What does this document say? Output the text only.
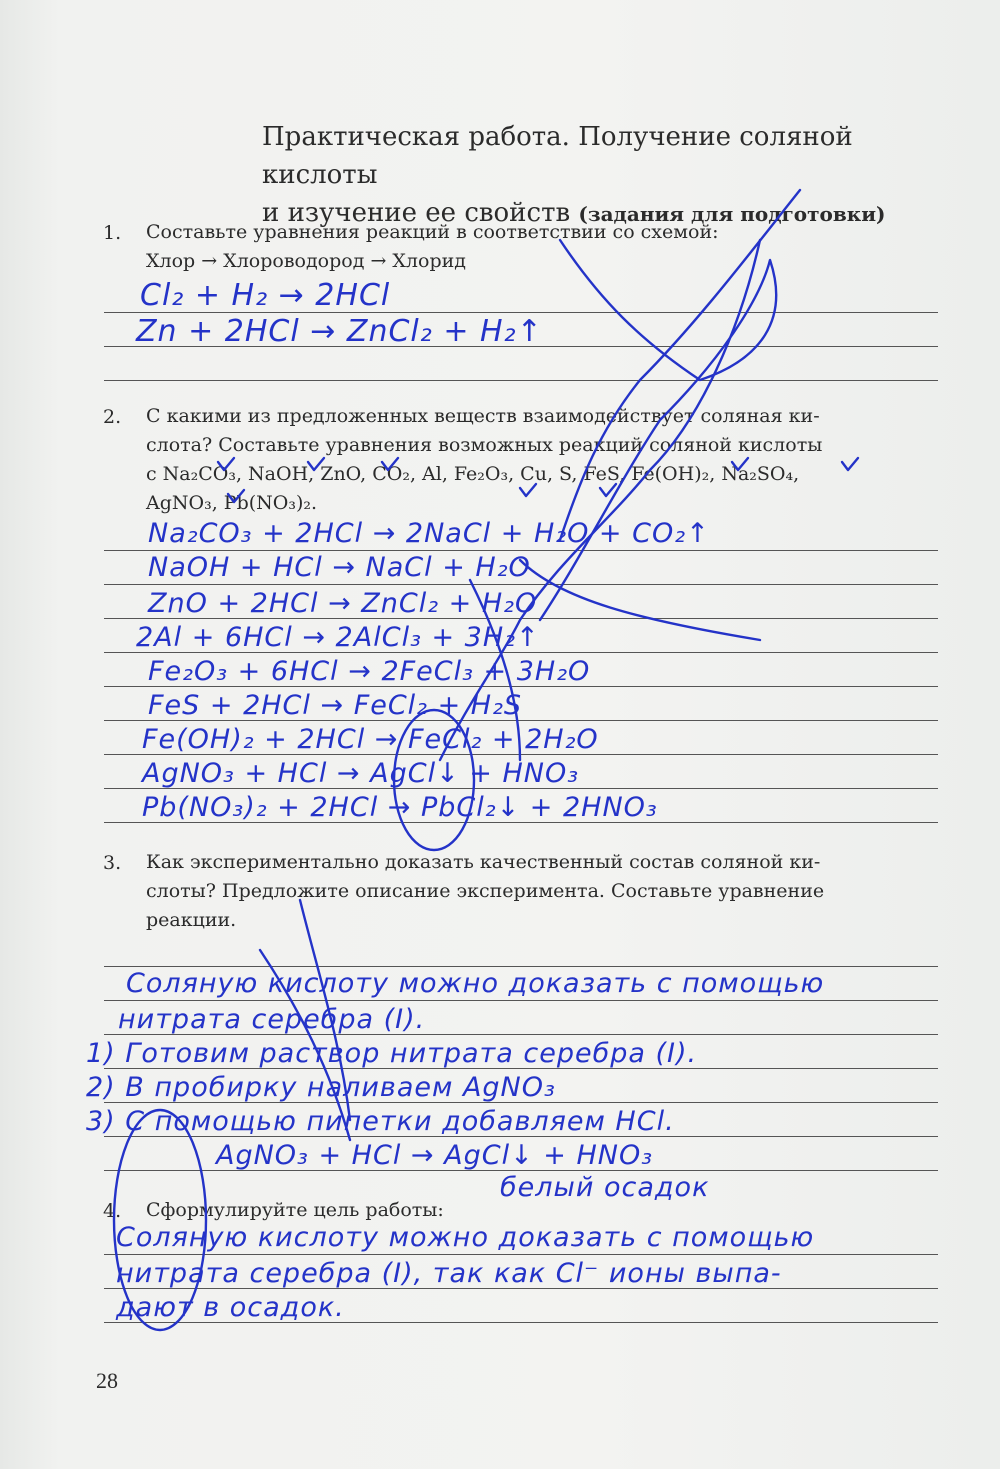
Практическая работа. Получение соляной кислоты
и изучение ее свойств (задания для подготовки)
1. Составьте уравнения реакций в соответствии со схемой:
Хлор → Хлороводород → Хлорид
Cl₂ + H₂ → 2HCl
Zn + 2HCl → ZnCl₂ + H₂↑
2. С какими из предложенных веществ взаимодействует соляная ки-
слота? Составьте уравнения возможных реакций соляной кислоты
с Na₂CO₃, NaOH, ZnO, CO₂, Al, Fe₂O₃, Cu, S, FeS, Fe(OH)₂, Na₂SO₄,
AgNO₃, Pb(NO₃)₂.
Na₂CO₃ + 2HCl → 2NaCl + H₂O + CO₂↑
NaOH + HCl → NaCl + H₂O
ZnO + 2HCl → ZnCl₂ + H₂O
2Al + 6HCl → 2AlCl₃ + 3H₂↑
Fe₂O₃ + 6HCl → 2FeCl₃ + 3H₂O
FeS + 2HCl → FeCl₂ + H₂S
Fe(OH)₂ + 2HCl → FeCl₂ + 2H₂O
AgNO₃ + HCl → AgCl↓ + HNO₃
Pb(NO₃)₂ + 2HCl → PbCl₂↓ + 2HNO₃
3. Как экспериментально доказать качественный состав соляной ки-
слоты? Предложите описание эксперимента. Составьте уравнение
реакции.
Соляную кислоту можно доказать с помощью
нитрата серебра (I).
1) Готовим раствор нитрата серебра (I).
2) В пробирку наливаем AgNO₃
3) С помощью пипетки добавляем HCl.
AgNO₃ + HCl → AgCl↓ + HNO₃
белый осадок
4. Сформулируйте цель работы:
Соляную кислоту можно доказать с помощью
нитрата серебра (I), так как Cl⁻ ионы выпа-
дают в осадок.
28
